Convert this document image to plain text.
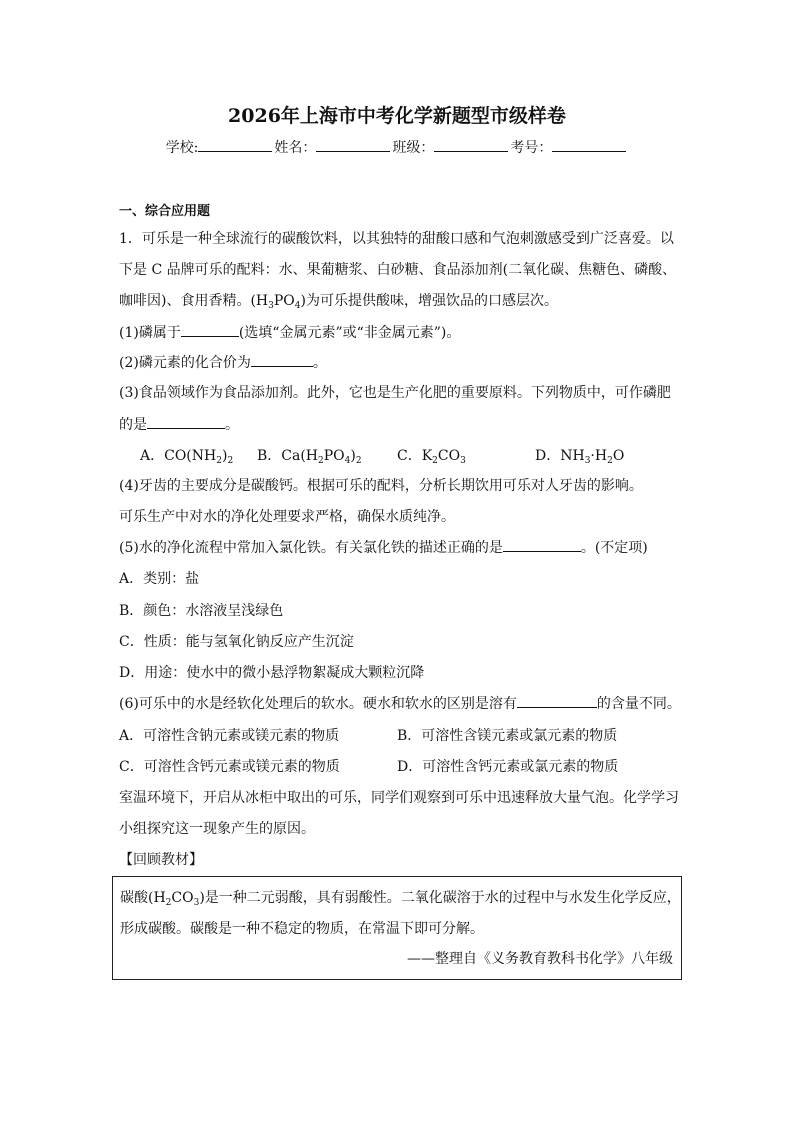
2026年上海市中考化学新题型市级样卷
学校:	姓名：	班级：	考号：
一、综合应用题
1．可乐是一种全球流行的碳酸饮料，以其独特的甜酸口感和气泡刺激感受到广泛喜爱。以
下是 C 品牌可乐的配料：水、果葡糖浆、白砂糖、食品添加剂(二氧化碳、焦糖色、磷酸、
咖啡因)、食用香精。$(H_3PO_4)$为可乐提供酸味，增强饮品的口感层次。
(1)磷属于	(选填“金属元素”或“非金属元素”)。
(2)磷元素的化合价为	。
(3)食品领域作为食品添加剂。此外，它也是生产化肥的重要原料。下列物质中，可作磷肥
的是	。
A．$CO(NH_2)_2$ B．$Ca(H_2PO_4)_2$	C．$K_2CO_3$	D．$NH_3\cdot H_2O$
(4)牙齿的主要成分是碳酸钙。根据可乐的配料，分析长期饮用可乐对人牙齿的影响。
可乐生产中对水的净化处理要求严格，确保水质纯净。
(5)水的净化流程中常加入氯化铁。有关氯化铁的描述正确的是	。(不定项)
A．类别：盐
B．颜色：水溶液呈浅绿色
C．性质：能与氢氧化钠反应产生沉淀
D．用途：使水中的微小悬浮物絮凝成大颗粒沉降
(6)可乐中的水是经软化处理后的软水。硬水和软水的区别是溶有	的含量不同。
A．可溶性含钠元素或镁元素的物质	B．可溶性含镁元素或氯元素的物质
C．可溶性含钙元素或镁元素的物质	D．可溶性含钙元素或氯元素的物质
室温环境下，开启从冰柜中取出的可乐，同学们观察到可乐中迅速释放大量气泡。化学学习
小组探究这一现象产生的原因。
【回顾教材】
碳酸$(H_2CO_3)$是一种二元弱酸，具有弱酸性。二氧化碳溶于水的过程中与水发生化学反应，
形成碳酸。碳酸是一种不稳定的物质，在常温下即可分解。
——整理自《义务教育教科书化学》八年级
